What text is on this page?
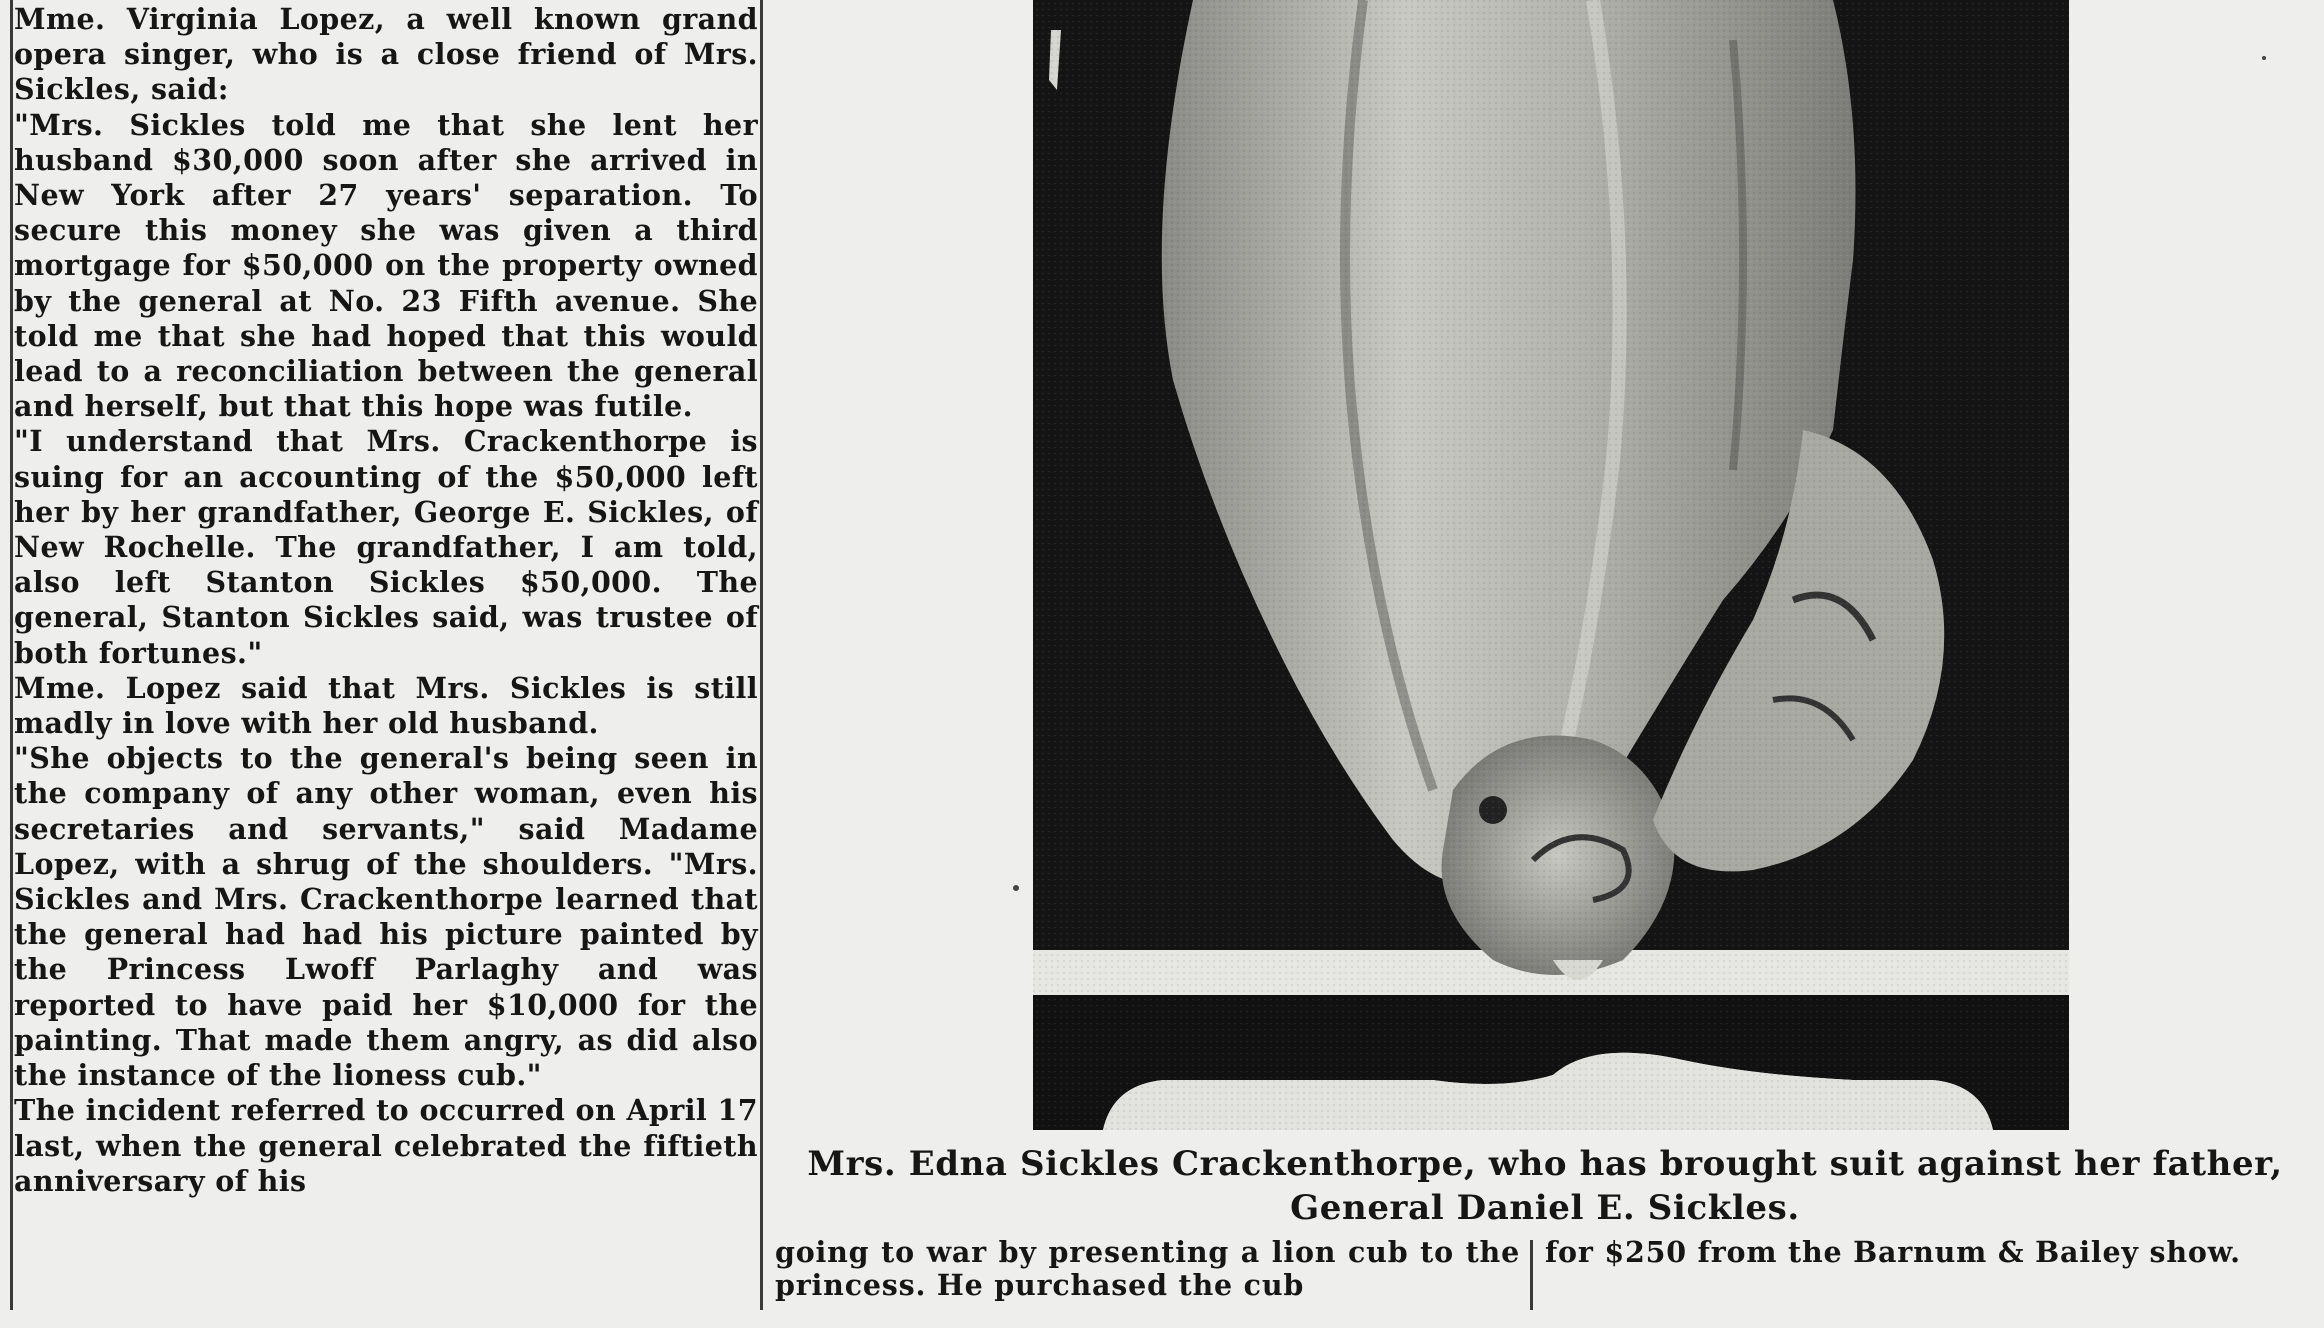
Mme. Virginia Lopez, a well known grand opera singer, who is a close friend of Mrs. Sickles, said:

"Mrs. Sickles told me that she lent her husband $30,000 soon after she arrived in New York after 27 years' separation. To secure this money she was given a third mortgage for $50,000 on the property owned by the general at No. 23 Fifth avenue. She told me that she had hoped that this would lead to a reconciliation between the general and herself, but that this hope was futile.

"I understand that Mrs. Crackenthorpe is suing for an accounting of the $50,000 left her by her grandfather, George E. Sickles, of New Rochelle. The grandfather, I am told, also left Stanton Sickles $50,000. The general, Stanton Sickles said, was trustee of both fortunes."

Mme. Lopez said that Mrs. Sickles is still madly in love with her old husband.

"She objects to the general's being seen in the company of any other woman, even his secretaries and servants," said Madame Lopez, with a shrug of the shoulders. "Mrs. Sickles and Mrs. Crackenthorpe learned that the general had had his picture painted by the Princess Lwoff Parlaghy and was reported to have paid her $10,000 for the painting. That made them angry, as did also the instance of the lioness cub."

The incident referred to occurred on April 17 last, when the general celebrated the fiftieth anniversary of his	Mrs. Edna Sickles Crackenthorpe, who has brought suit against her father, General Daniel E. Sickles.
going to war by presenting a lion cub to the princess. He purchased the cub
for $250 from the Barnum & Bailey show.
